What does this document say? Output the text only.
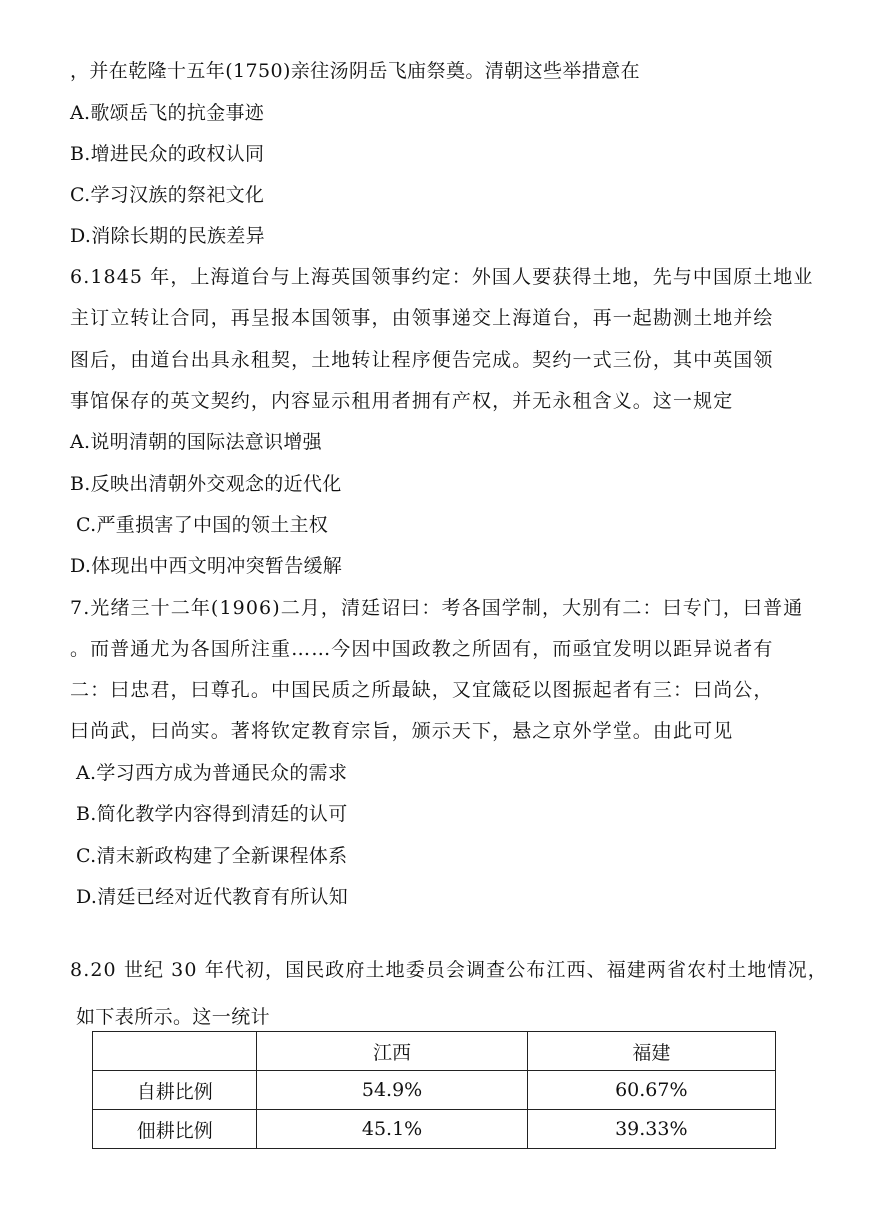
，并在乾隆十五年(1750)亲往汤阴岳飞庙祭奠。清朝这些举措意在
A.歌颂岳飞的抗金事迹
B.增进民众的政权认同
C.学习汉族的祭祀文化
D.消除长期的民族差异
6.1845 年，上海道台与上海英国领事约定：外国人要获得土地，先与中国原土地业
主订立转让合同，再呈报本国领事，由领事递交上海道台，再一起勘测土地并绘
图后，由道台出具永租契，土地转让程序便告完成。契约一式三份，其中英国领
事馆保存的英文契约，内容显示租用者拥有产权，并无永租含义。这一规定
A.说明清朝的国际法意识增强
B.反映出清朝外交观念的近代化
C.严重损害了中国的领土主权
D.体现出中西文明冲突暂告缓解
7.光绪三十二年(1906)二月，清廷诏曰：考各国学制，大别有二：曰专门，曰普通
。而普通尤为各国所注重……今因中国政教之所固有，而亟宜发明以距异说者有
二：曰忠君，曰尊孔。中国民质之所最缺，又宜箴砭以图振起者有三：曰尚公，
曰尚武，曰尚实。著将钦定教育宗旨，颁示天下，悬之京外学堂。由此可见
A.学习西方成为普通民众的需求
B.简化教学内容得到清廷的认可
C.清末新政构建了全新课程体系
D.清廷已经对近代教育有所认知
8.20 世纪 30 年代初，国民政府土地委员会调查公布江西、福建两省农村土地情况，
如下表所示。这一统计
	江西	福建
自耕比例	54.9%	60.67%
佃耕比例	45.1%	39.33%
